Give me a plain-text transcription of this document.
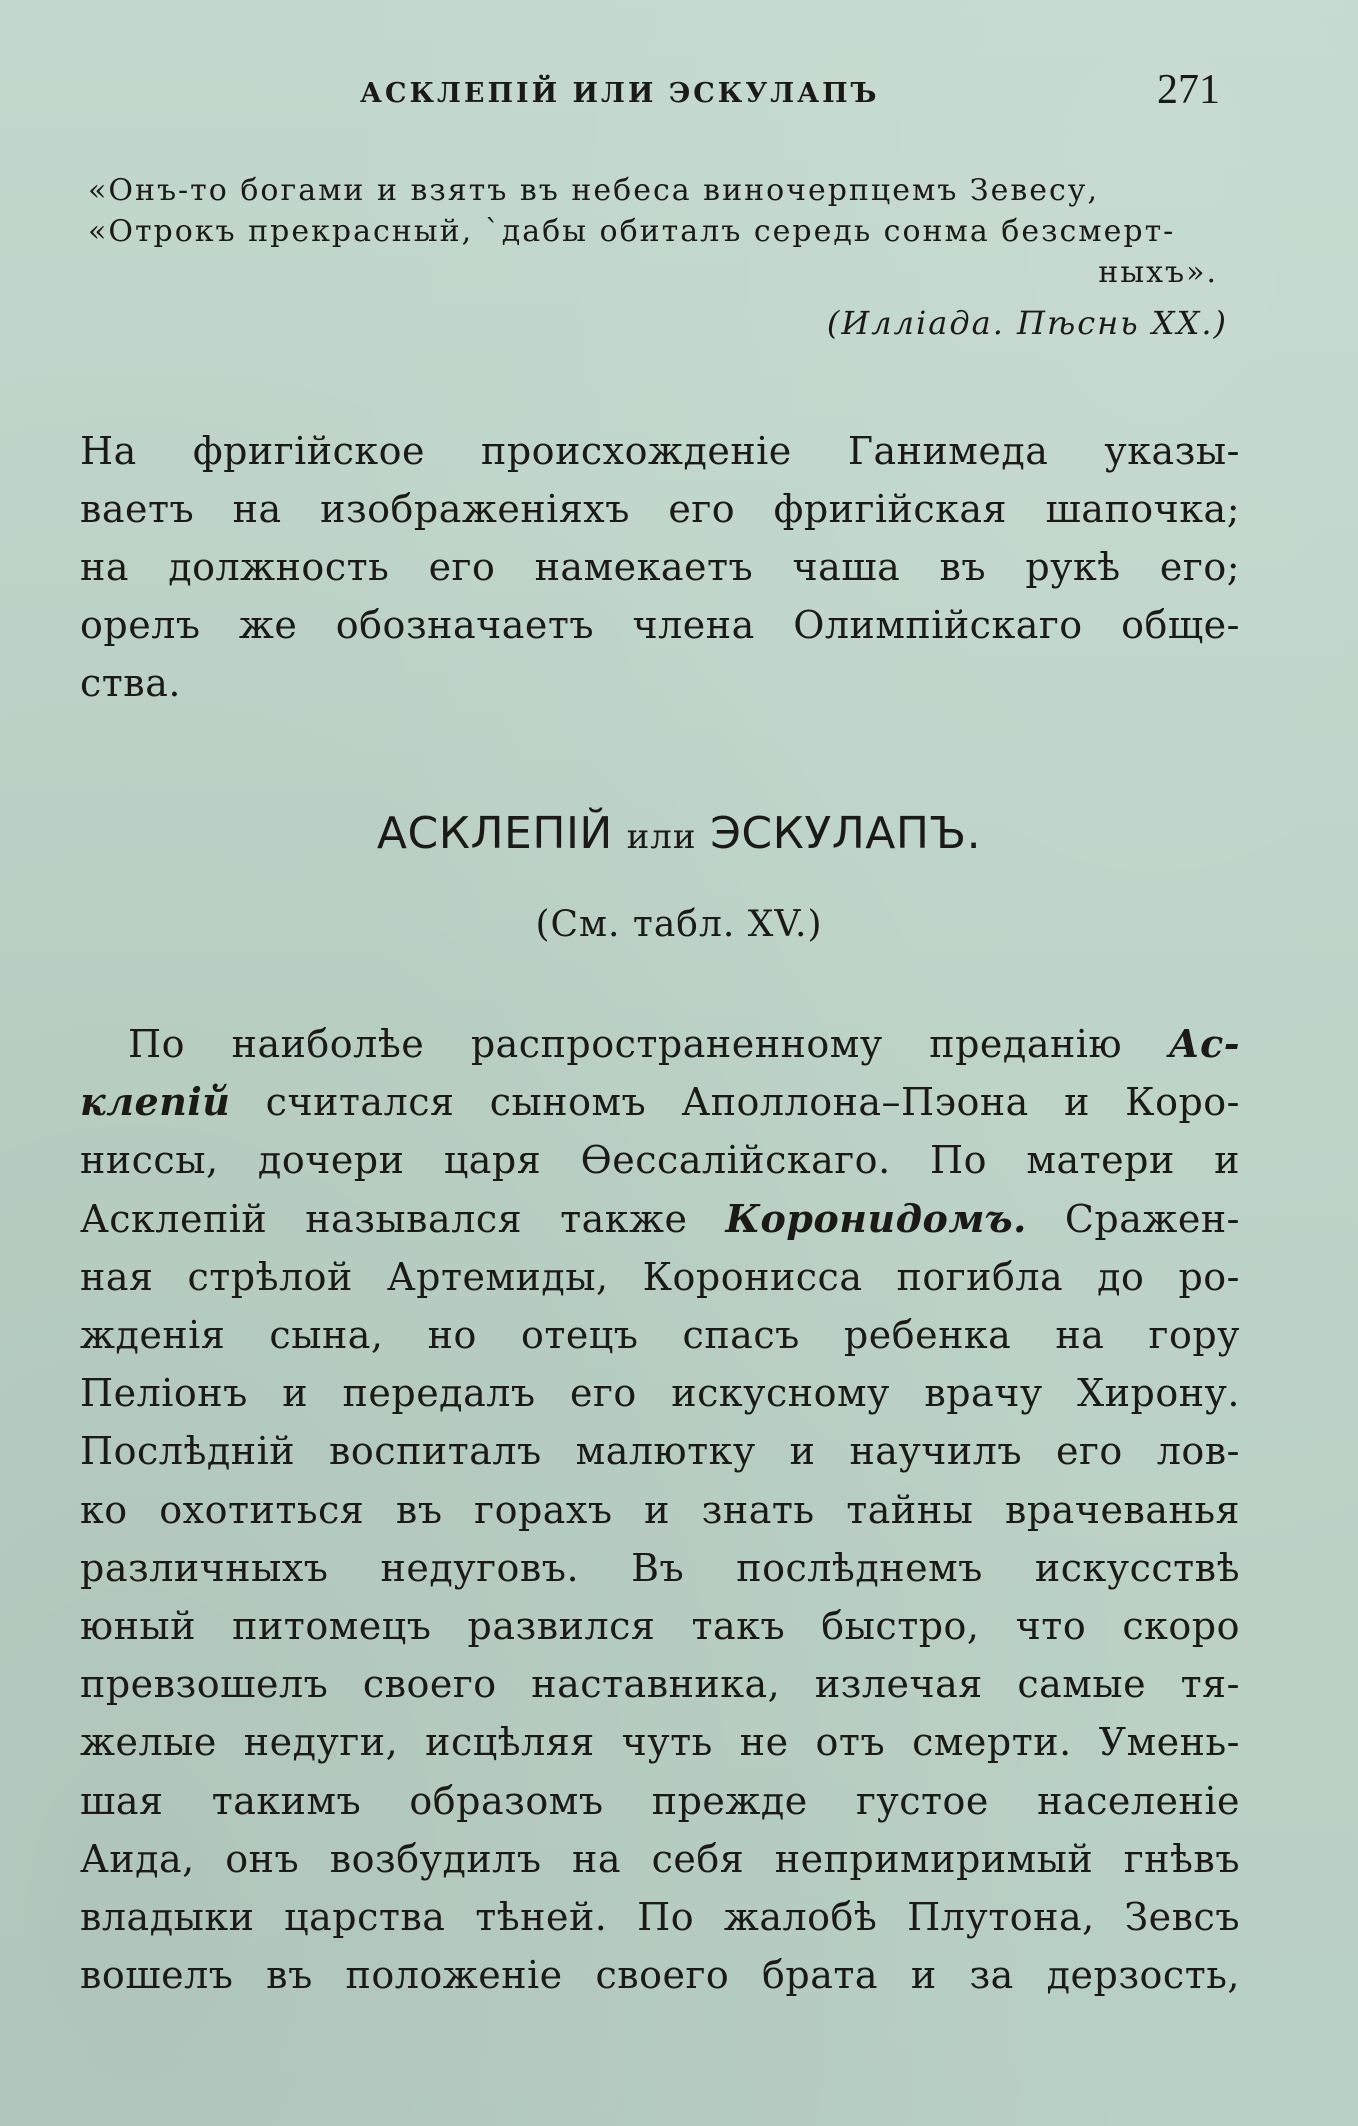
АСКЛЕПІЙ ИЛИ ЭСКУЛАПЪ	271
«Онъ-то богами и взятъ въ небеса виночерпцемъ Зевесу,
«Отрокъ прекрасный, `дабы обиталъ середь сонма безсмерт-
ныхъ».
(Илліада. Пѣснь XX.)
На фригійское происхожденіе Ганимеда указы-
ваетъ на изображеніяхъ его фригійская шапочка;
на должность его намекаетъ чаша въ рукѣ его;
орелъ же обозначаетъ члена Олимпійскаго обще-
ства.
АСКЛЕПІЙ или ЭСКУЛАПЪ.
(См. табл. XV.)
По наиболѣе распространенному преданію Ас-
клепій считался сыномъ Аполлона–Пэона и Коро-
ниссы, дочери царя Ѳессалійскаго. По матери и
Асклепій назывался также Коронидомъ. Сражен-
ная стрѣлой Артемиды, Коронисса погибла до ро-
жденія сына, но отецъ спасъ ребенка на гору
Пеліонъ и передалъ его искусному врачу Хирону.
Послѣдній воспиталъ малютку и научилъ его лов-
ко охотиться въ горахъ и знать тайны врачеванья
различныхъ недуговъ. Въ послѣднемъ искусствѣ
юный питомецъ развился такъ быстро, что скоро
превзошелъ своего наставника, излечая самые тя-
желые недуги, исцѣляя чуть не отъ смерти. Умень-
шая такимъ образомъ прежде густое населеніе
Аида, онъ возбудилъ на себя непримиримый гнѣвъ
владыки царства тѣней. По жалобѣ Плутона, Зевсъ
вошелъ въ положеніе своего брата и за дерзость,
